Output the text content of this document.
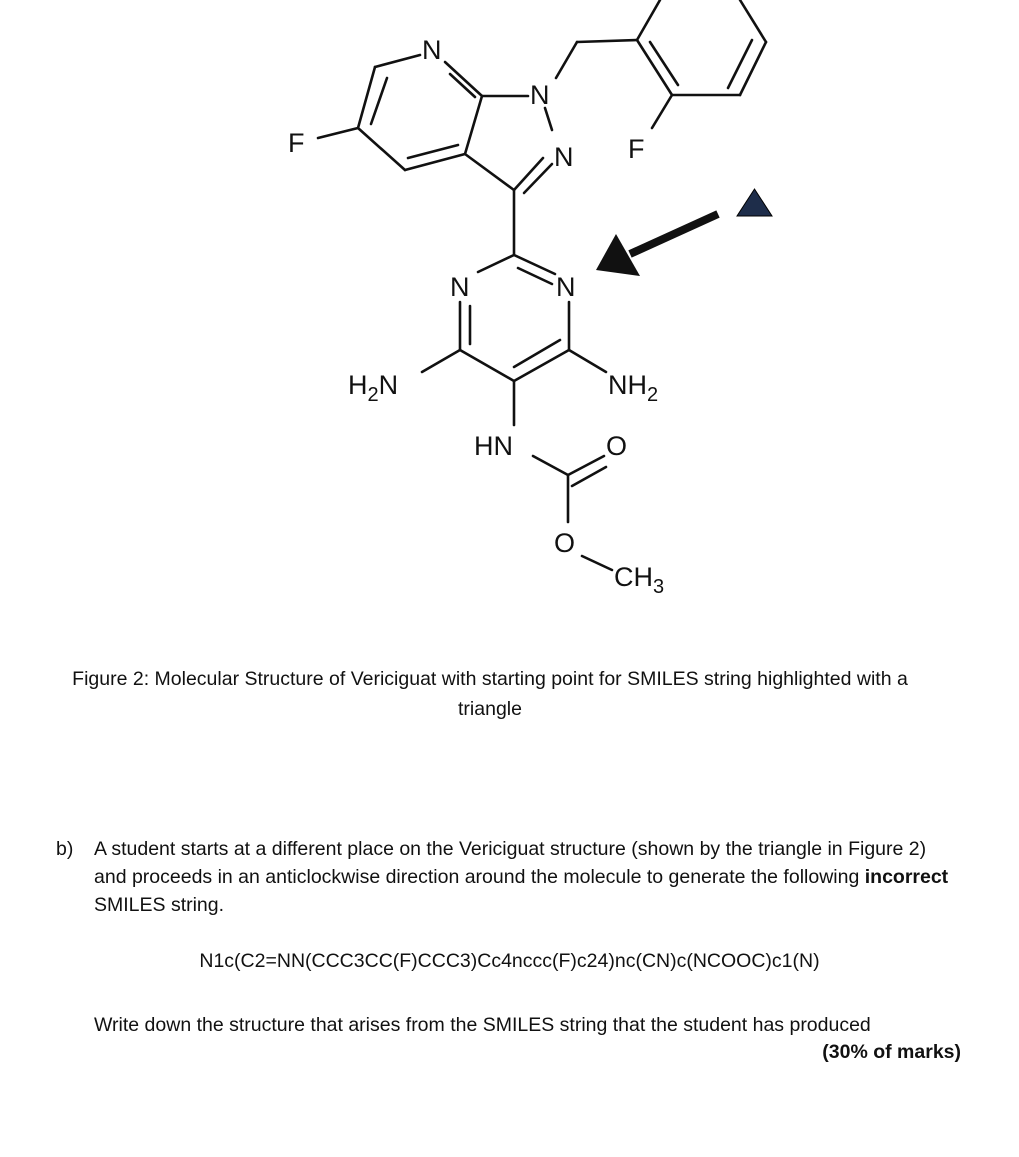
N
N
N
F	F
N	N
$H_2N$	$NH_2$
HN	O
O
$CH_3$
Figure 2: Molecular Structure of Vericiguat with starting point for SMILES string highlighted with a
triangle
b) A student starts at a different place on the Vericiguat structure (shown by the triangle in Figure 2) and proceeds in an anticlockwise direction around the molecule to generate the following incorrect SMILES string.
N1c(C2=NN(CCC3CC(F)CCC3)Cc4nccc(F)c24)nc(CN)c(NCOOC)c1(N)
Write down the structure that arises from the SMILES string that the student has produced
(30% of marks)
